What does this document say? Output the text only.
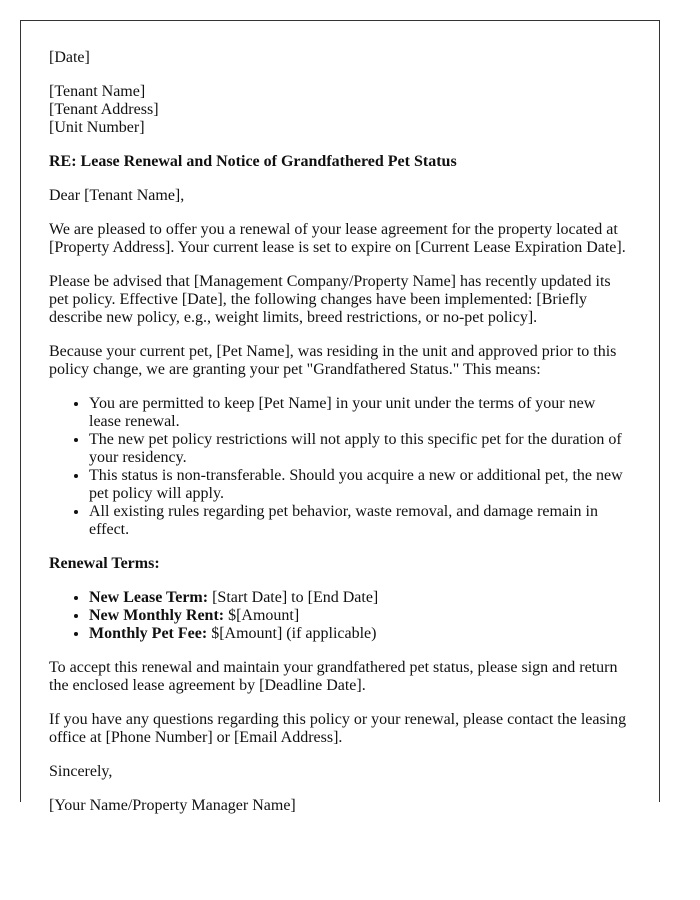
[Date]

[Tenant Name]
[Tenant Address]
[Unit Number]

RE: Lease Renewal and Notice of Grandfathered Pet Status

Dear [Tenant Name],

We are pleased to offer you a renewal of your lease agreement for the property located at [Property Address]. Your current lease is set to expire on [Current Lease Expiration Date].

Please be advised that [Management Company/Property Name] has recently updated its pet policy. Effective [Date], the following changes have been implemented: [Briefly describe new policy, e.g., weight limits, breed restrictions, or no-pet policy].

Because your current pet, [Pet Name], was residing in the unit and approved prior to this policy change, we are granting your pet "Grandfathered Status." This means:

• You are permitted to keep [Pet Name] in your unit under the terms of your new lease renewal.
• The new pet policy restrictions will not apply to this specific pet for the duration of your residency.
• This status is non-transferable. Should you acquire a new or additional pet, the new pet policy will apply.
• All existing rules regarding pet behavior, waste removal, and damage remain in effect.
Renewal Terms:
• New Lease Term: [Start Date] to [End Date]
• New Monthly Rent: $[Amount]
• Monthly Pet Fee: $[Amount] (if applicable)

To accept this renewal and maintain your grandfathered pet status, please sign and return the enclosed lease agreement by [Deadline Date].

If you have any questions regarding this policy or your renewal, please contact the leasing office at [Phone Number] or [Email Address].

Sincerely,

[Your Name/Property Manager Name]
